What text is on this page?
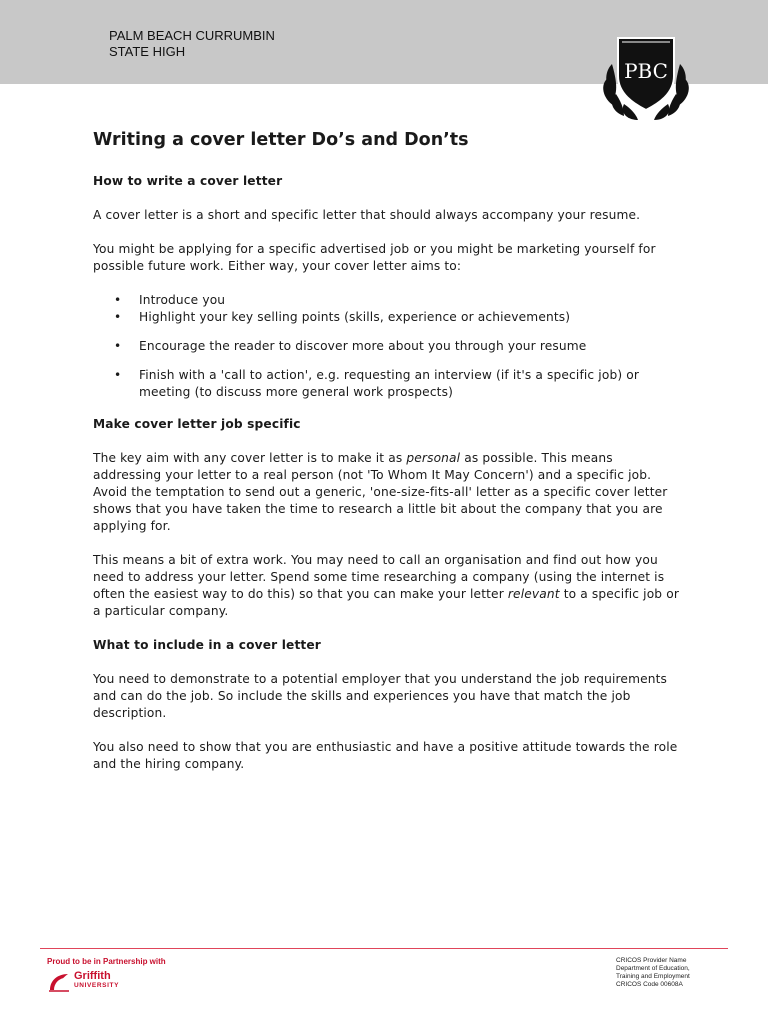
PALM BEACH CURRUMBIN
STATE HIGH
PBC
Writing a cover letter Do’s and Don’ts
How to write a cover letter

A cover letter is a short and specific letter that should always accompany your resume.

You might be applying for a specific advertised job or you might be marketing yourself for possible future work. Either way, your cover letter aims to:

• Introduce you
• Highlight your key selling points (skills, experience or achievements)
• Encourage the reader to discover more about you through your resume
• Finish with a 'call to action', e.g. requesting an interview (if it's a specific job) or meeting (to discuss more general work prospects)
Make cover letter job specific

The key aim with any cover letter is to make it as personal as possible. This means addressing your letter to a real person (not 'To Whom It May Concern') and a specific job. Avoid the temptation to send out a generic, 'one-size-fits-all' letter as a specific cover letter shows that you have taken the time to research a little bit about the company that you are applying for.

This means a bit of extra work. You may need to call an organisation and find out how you need to address your letter. Spend some time researching a company (using the internet is often the easiest way to do this) so that you can make your letter relevant to a specific job or a particular company.

What to include in a cover letter

You need to demonstrate to a potential employer that you understand the job requirements and can do the job. So include the skills and experiences you have that match the job description.

You also need to show that you are enthusiastic and have a positive attitude towards the role and the hiring company.

Proud to be in Partnership with
Griffith
UNIVERSITY
CRICOS Provider Name
Department of Education,
Training and Employment
CRICOS Code 00608A
